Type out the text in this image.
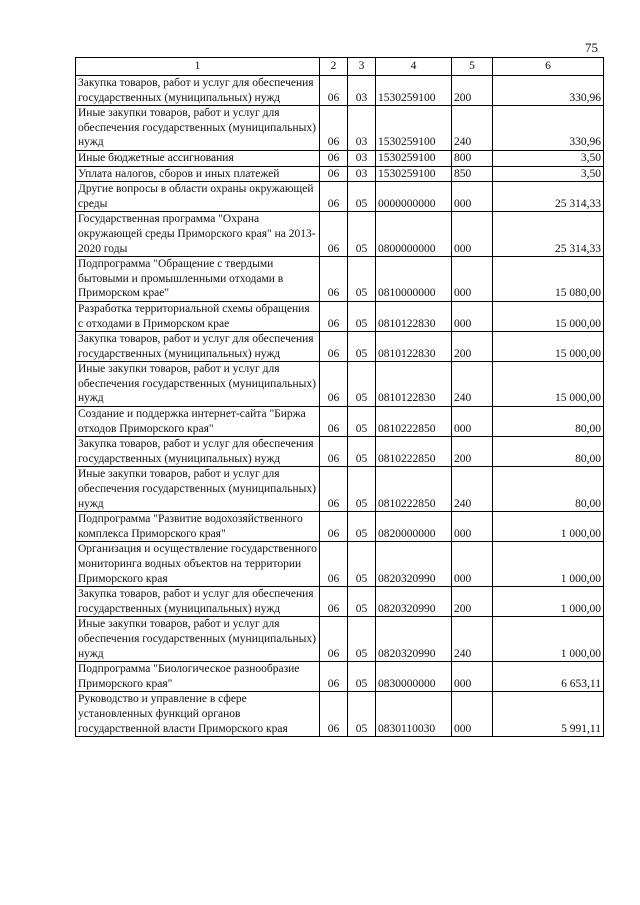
75
1	2	3	4	5	6
Закупка товаров, работ и услуг для обеспечения государственных (муниципальных) нужд	06	03	1530259100	200	330,96
Иные закупки товаров, работ и услуг для обеспечения государственных (муниципальных) нужд	06	03	1530259100	240	330,96
Иные бюджетные ассигнования	06	03	1530259100	800	3,50
Уплата налогов, сборов и иных платежей	06	03	1530259100	850	3,50
Другие вопросы в области охраны окружающей среды	06	05	0000000000	000	25 314,33
Государственная программа "Охрана окружающей среды Приморского края" на 2013-2020 годы	06	05	0800000000	000	25 314,33
Подпрограмма "Обращение с твердыми бытовыми и промышленными отходами в Приморском крае"	06	05	0810000000	000	15 080,00
Разработка территориальной схемы обращения с отходами в Приморском крае	06	05	0810122830	000	15 000,00
Закупка товаров, работ и услуг для обеспечения государственных (муниципальных) нужд	06	05	0810122830	200	15 000,00
Иные закупки товаров, работ и услуг для обеспечения государственных (муниципальных) нужд	06	05	0810122830	240	15 000,00
Создание и поддержка интернет-сайта "Биржа отходов Приморского края"	06	05	0810222850	000	80,00
Закупка товаров, работ и услуг для обеспечения государственных (муниципальных) нужд	06	05	0810222850	200	80,00
Иные закупки товаров, работ и услуг для обеспечения государственных (муниципальных) нужд	06	05	0810222850	240	80,00
Подпрограмма "Развитие водохозяйственного комплекса Приморского края"	06	05	0820000000	000	1 000,00
Организация и осуществление государственного мониторинга водных объектов на территории Приморского края	06	05	0820320990	000	1 000,00
Закупка товаров, работ и услуг для обеспечения государственных (муниципальных) нужд	06	05	0820320990	200	1 000,00
Иные закупки товаров, работ и услуг для обеспечения государственных (муниципальных) нужд	06	05	0820320990	240	1 000,00
Подпрограмма "Биологическое разнообразие Приморского края"	06	05	0830000000	000	6 653,11
Руководство и управление в сфере установленных функций органов государственной власти Приморского края	06	05	0830110030	000	5 991,11
